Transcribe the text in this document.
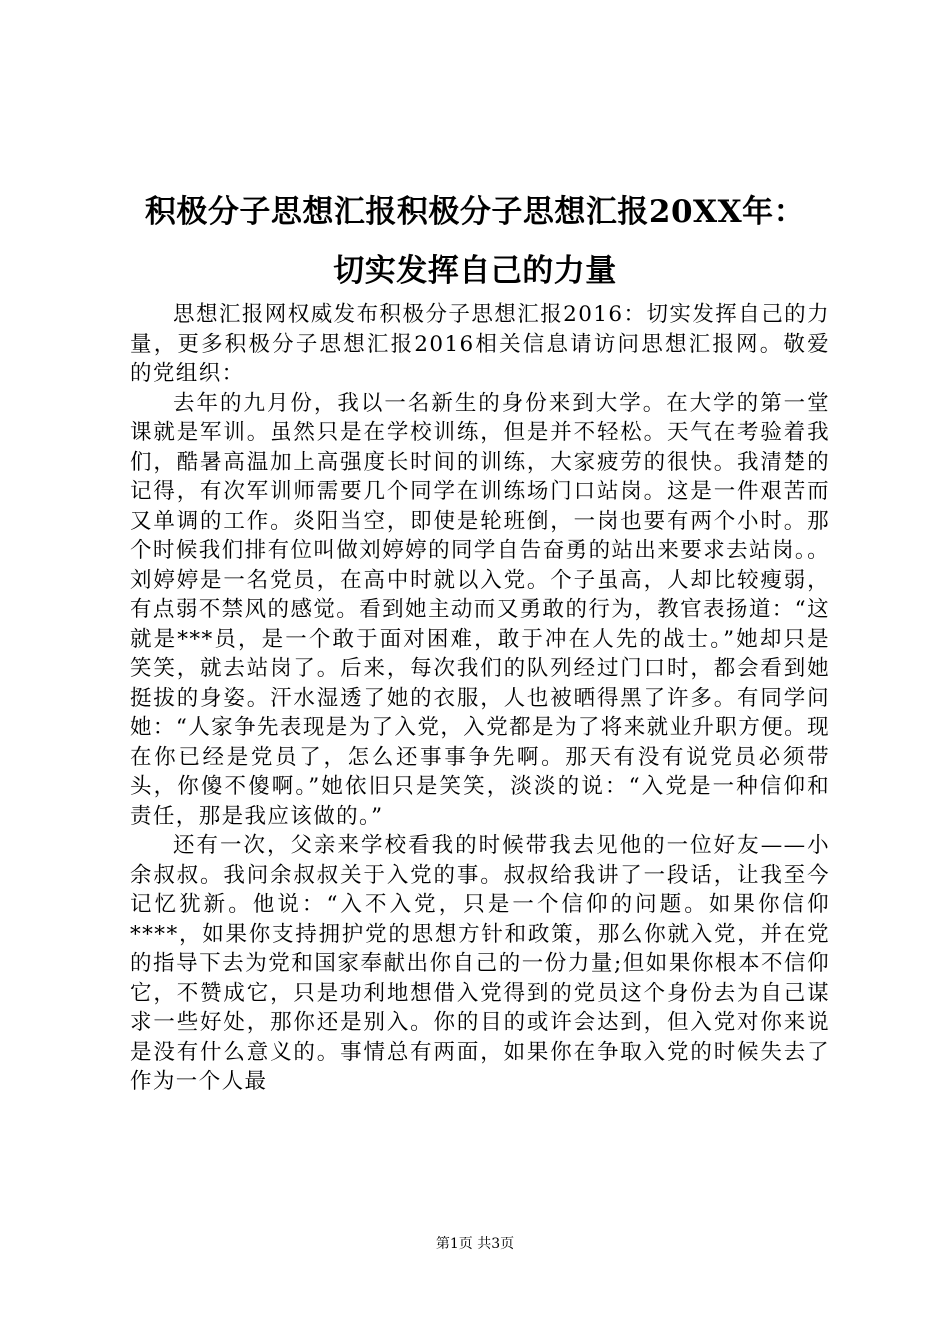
积极分子思想汇报积极分子思想汇报20XX年：
切实发挥自己的力量

思想汇报网权威发布积极分子思想汇报2016：切实发挥自己的力量，更多积极分子思想汇报2016相关信息请访问思想汇报网。敬爱的党组织：

去年的九月份，我以一名新生的身份来到大学。在大学的第一堂课就是军训。虽然只是在学校训练，但是并不轻松。天气在考验着我们，酷暑高温加上高强度长时间的训练，大家疲劳的很快。我清楚的记得，有次军训师需要几个同学在训练场门口站岗。这是一件艰苦而又单调的工作。炎阳当空，即使是轮班倒，一岗也要有两个小时。那个时候我们排有位叫做刘婷婷的同学自告奋勇的站出来要求去站岗。。刘婷婷是一名党员，在高中时就以入党。个子虽高，人却比较瘦弱，有点弱不禁风的感觉。看到她主动而又勇敢的行为，教官表扬道：“这就是***员，是一个敢于面对困难，敢于冲在人先的战士。”她却只是笑笑，就去站岗了。后来，每次我们的队列经过门口时，都会看到她挺拔的身姿。汗水湿透了她的衣服，人也被晒得黑了许多。有同学问她：“人家争先表现是为了入党，入党都是为了将来就业升职方便。现在你已经是党员了，怎么还事事争先啊。那天有没有说党员必须带头，你傻不傻啊。”她依旧只是笑笑，淡淡的说：“入党是一种信仰和责任，那是我应该做的。”

还有一次，父亲来学校看我的时候带我去见他的一位好友——小余叔叔。我问余叔叔关于入党的事。叔叔给我讲了一段话，让我至今记忆犹新。他说：“入不入党，只是一个信仰的问题。如果你信仰****，如果你支持拥护党的思想方针和政策，那么你就入党，并在党的指导下去为党和国家奉献出你自己的一份力量;但如果你根本不信仰它，不赞成它，只是功利地想借入党得到的党员这个身份去为自己谋求一些好处，那你还是别入。你的目的或许会达到，但入党对你来说是没有什么意义的。事情总有两面，如果你在争取入党的时候失去了作为一个人最

第1页 共3页
